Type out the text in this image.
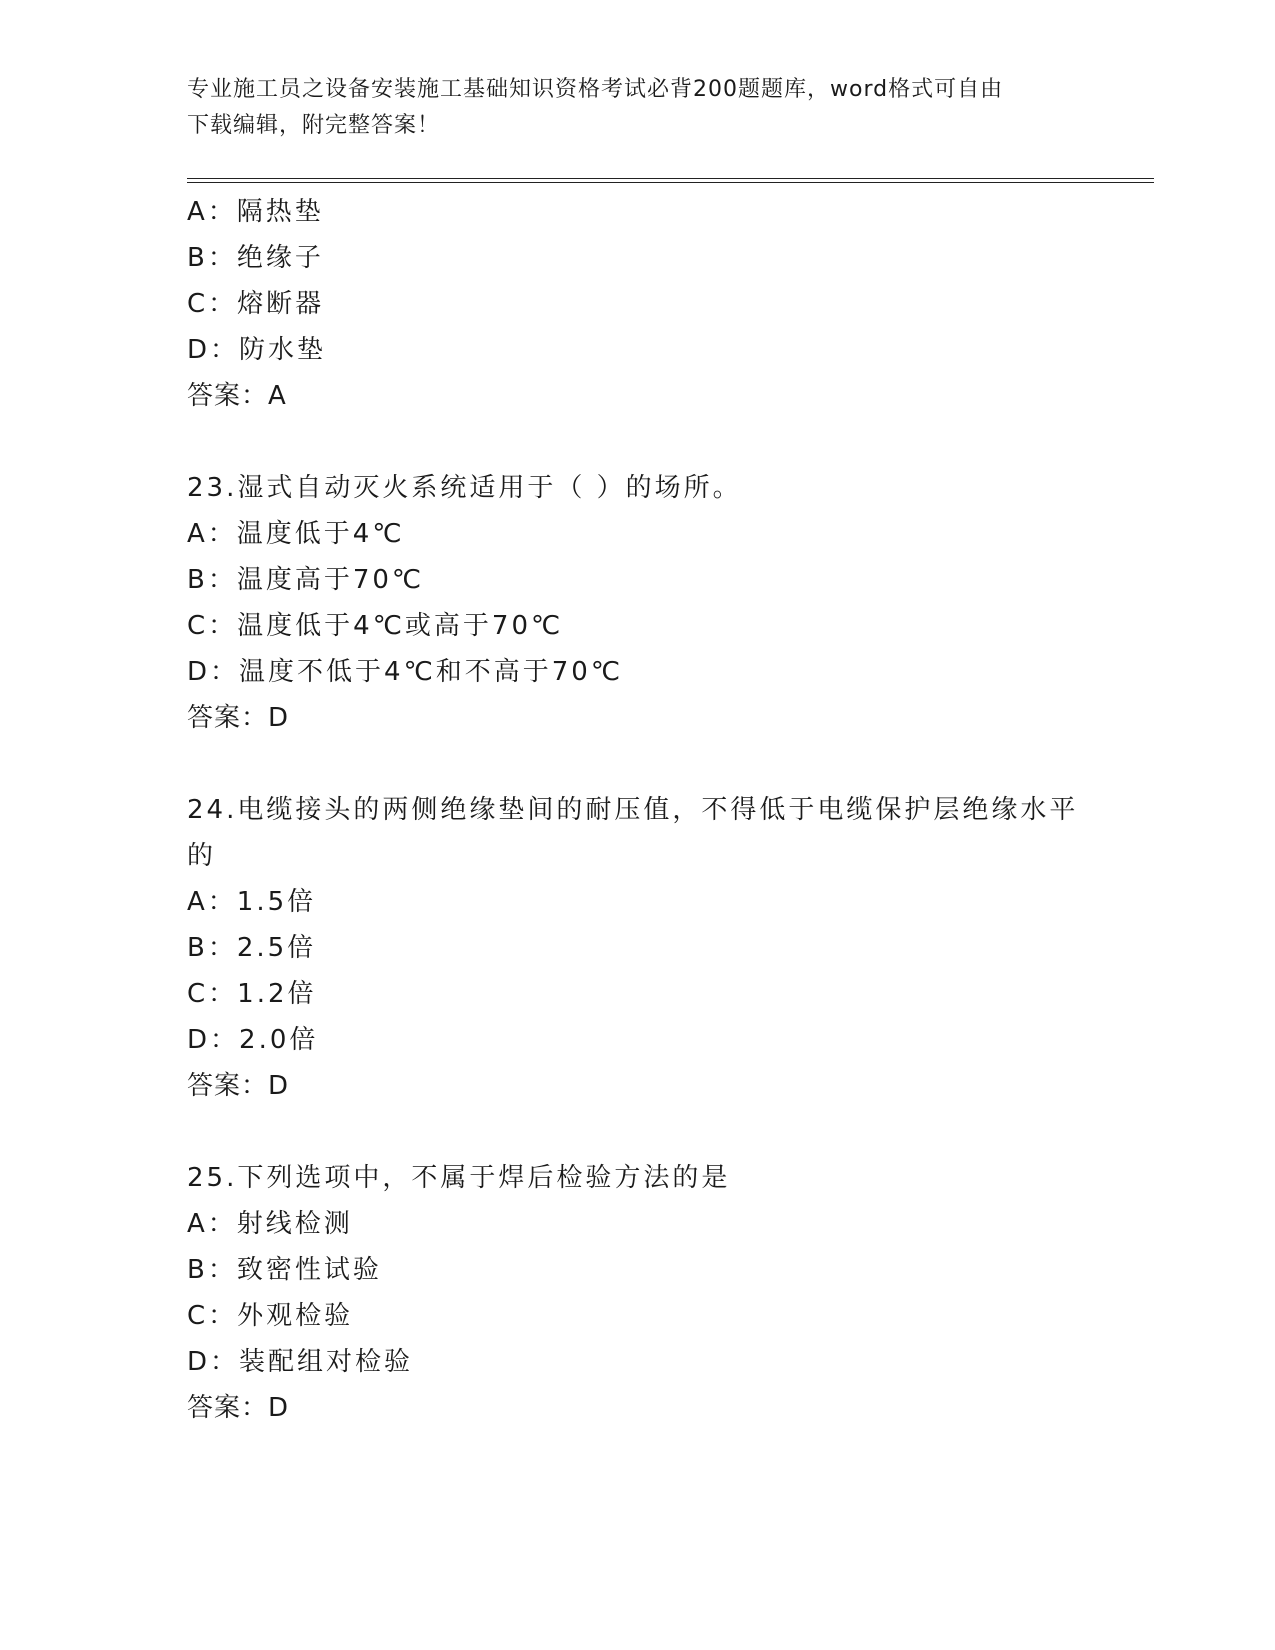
专业施工员之设备安装施工基础知识资格考试必背200题题库，word格式可自由
下载编辑，附完整答案！
A：隔热垫
B：绝缘子
C：熔断器
D：防水垫
答案：A
23.湿式自动灭火系统适用于（ ）的场所。
A：温度低于4℃
B：温度高于70℃
C：温度低于4℃或高于70℃
D：温度不低于4℃和不高于70℃
答案：D
24.电缆接头的两侧绝缘垫间的耐压值，不得低于电缆保护层绝缘水平
的
A：1.5倍
B：2.5倍
C：1.2倍
D：2.0倍
答案：D
25.下列选项中，不属于焊后检验方法的是
A：射线检测
B：致密性试验
C：外观检验
D：装配组对检验
答案：D
